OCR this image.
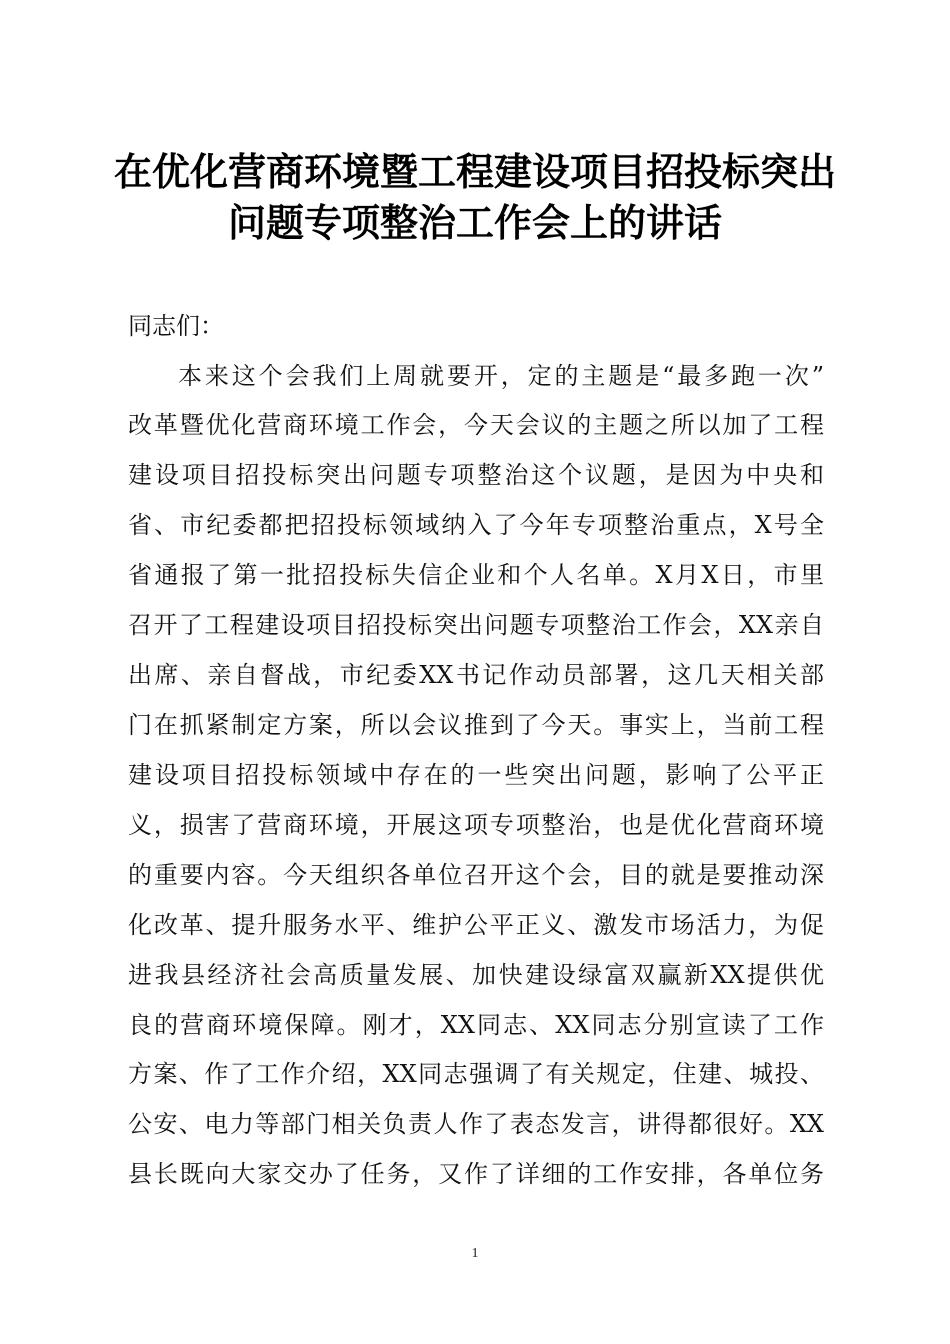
在优化营商环境暨工程建设项目招投标突出
问题专项整治工作会上的讲话
同志们：
本来这个会我们上周就要开，定的主题是“最多跑一次”
改革暨优化营商环境工作会，今天会议的主题之所以加了工程
建设项目招投标突出问题专项整治这个议题，是因为中央和
省、市纪委都把招投标领域纳入了今年专项整治重点，X号全
省通报了第一批招投标失信企业和个人名单。X月X日，市里
召开了工程建设项目招投标突出问题专项整治工作会，XX亲自
出席、亲自督战，市纪委XX书记作动员部署，这几天相关部
门在抓紧制定方案，所以会议推到了今天。事实上，当前工程
建设项目招投标领域中存在的一些突出问题，影响了公平正
义，损害了营商环境，开展这项专项整治，也是优化营商环境
的重要内容。今天组织各单位召开这个会，目的就是要推动深
化改革、提升服务水平、维护公平正义、激发市场活力，为促
进我县经济社会高质量发展、加快建设绿富双赢新XX提供优
良的营商环境保障。刚才，XX同志、XX同志分别宣读了工作
方案、作了工作介绍，XX同志强调了有关规定，住建、城投、
公安、电力等部门相关负责人作了表态发言，讲得都很好。XX
县长既向大家交办了任务，又作了详细的工作安排，各单位务
1
